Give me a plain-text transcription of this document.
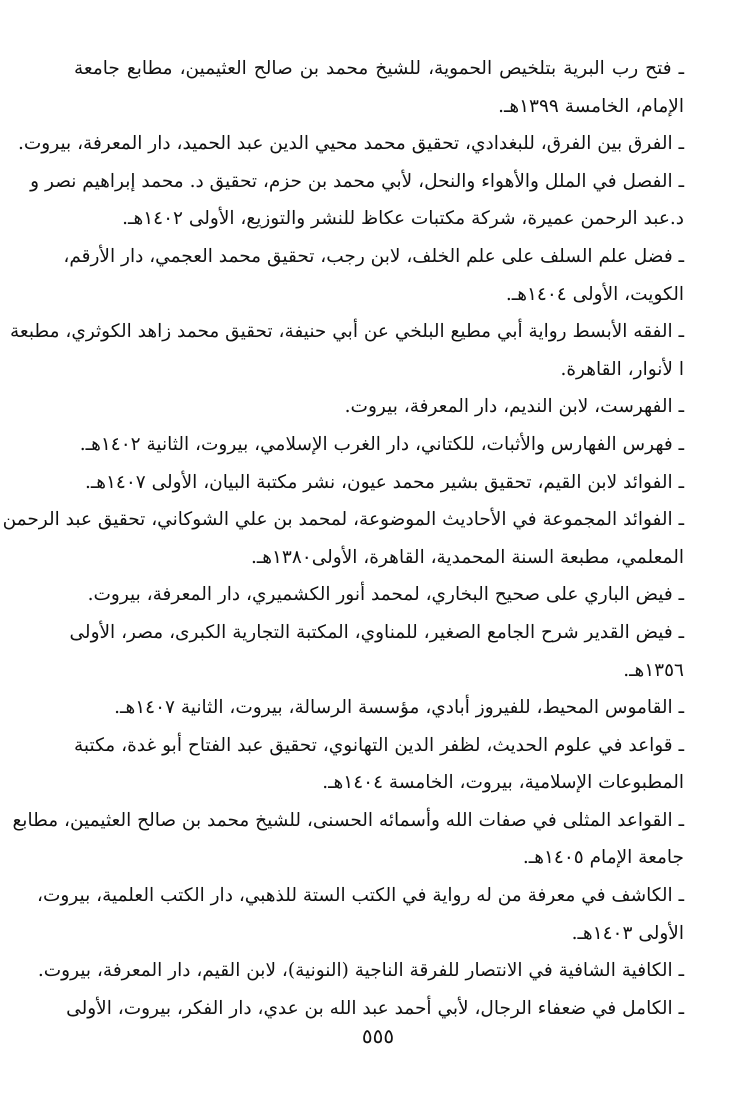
ـ فتح رب البرية بتلخيص الحموية، للشيخ محمد بن صالح العثيمين، مطابع جامعة
الإمام، الخامسة ١٣٩٩هـ.
ـ الفرق بين الفرق، للبغدادي، تحقيق محمد محيي الدين عبد الحميد، دار المعرفة، بيروت.
ـ الفصل في الملل والأهواء والنحل، لأبي محمد بن حزم، تحقيق د. محمد إبراهيم نصر و
د.عبد الرحمن عميرة، شركة مكتبات عكاظ للنشر والتوزيع، الأولى ١٤٠٢هـ.
ـ فضل علم السلف على علم الخلف، لابن رجب، تحقيق محمد العجمي، دار الأرقم،
الكويت، الأولى ١٤٠٤هـ.
ـ الفقه الأبسط رواية أبي مطيع البلخي عن أبي حنيفة، تحقيق محمد زاهد الكوثري، مطبعة
ا لأنوار، القاهرة.
ـ الفهرست، لابن النديم، دار المعرفة، بيروت.
ـ فهرس الفهارس والأثبات، للكتاني، دار الغرب الإسلامي، بيروت، الثانية ١٤٠٢هـ.
ـ الفوائد لابن القيم، تحقيق بشير محمد عيون، نشر مكتبة البيان، الأولى ١٤٠٧هـ.
ـ الفوائد المجموعة في الأحاديث الموضوعة، لمحمد بن علي الشوكاني، تحقيق عبد الرحمن
المعلمي، مطبعة السنة المحمدية، القاهرة، الأولى١٣٨٠هـ.
ـ فيض الباري على صحيح البخاري، لمحمد أنور الكشميري، دار المعرفة، بيروت.
ـ فيض القدير شرح الجامع الصغير، للمناوي، المكتبة التجارية الكبرى، مصر، الأولى
١٣٥٦هـ.
ـ القاموس المحيط، للفيروز أبادي، مؤسسة الرسالة، بيروت، الثانية ١٤٠٧هـ.
ـ قواعد في علوم الحديث، لظفر الدين التهانوي، تحقيق عبد الفتاح أبو غدة، مكتبة
المطبوعات الإسلامية، بيروت، الخامسة ١٤٠٤هـ.
ـ القواعد المثلى في صفات الله وأسمائه الحسنى، للشيخ محمد بن صالح العثيمين، مطابع
جامعة الإمام ١٤٠٥هـ.
ـ الكاشف في معرفة من له رواية في الكتب الستة للذهبي، دار الكتب العلمية، بيروت،
الأولى ١٤٠٣هـ.
ـ الكافية الشافية في الانتصار للفرقة الناجية (النونية)، لابن القيم، دار المعرفة، بيروت.
ـ الكامل في ضعفاء الرجال، لأبي أحمد عبد الله بن عدي، دار الفكر، بيروت، الأولى
٥٥٥
